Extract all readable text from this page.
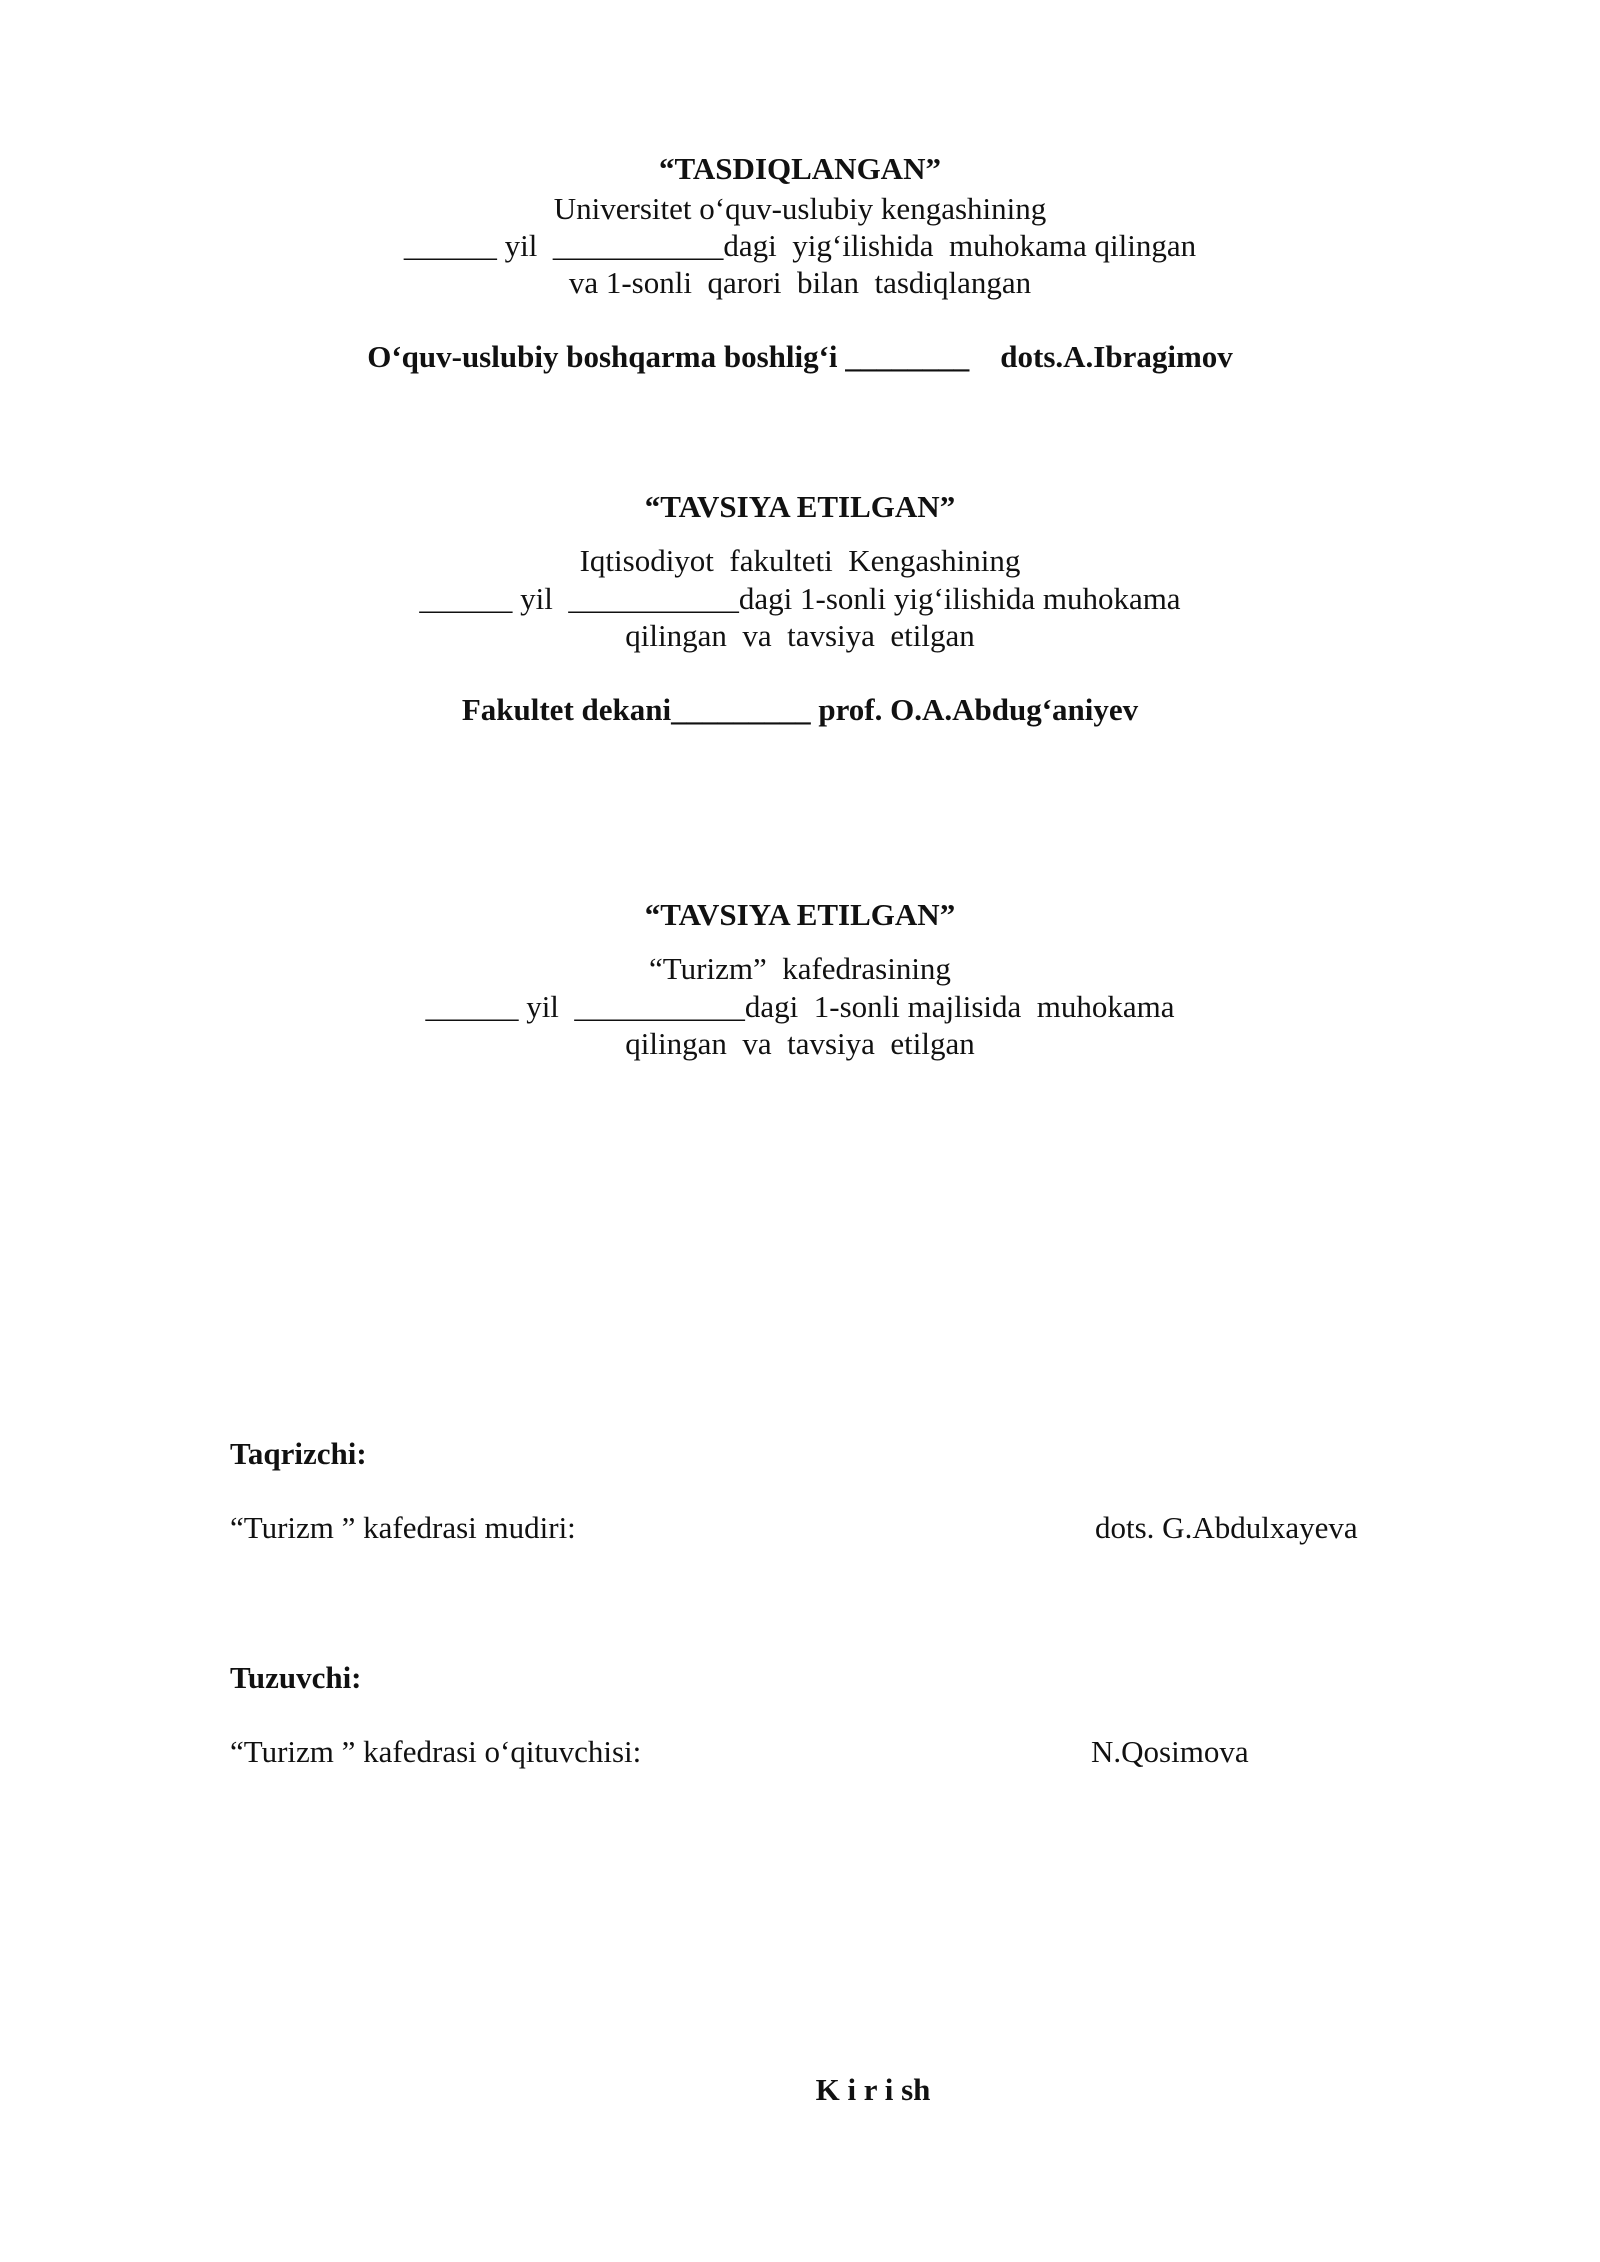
“TASDIQLANGAN”
Universitet o‘quv-uslubiy kengashining
______ yil  ___________dagi  yig‘ilishida  muhokama qilingan
va 1-sonli  qarori  bilan  tasdiqlangan
O‘quv-uslubiy boshqarma boshlig‘i ________    dots.A.Ibragimov
“TAVSIYA ETILGAN”
Iqtisodiyot  fakulteti  Kengashining
______ yil  ___________dagi 1-sonli yig‘ilishida muhokama
qilingan  va  tavsiya  etilgan
Fakultet dekani_________ prof. O.A.Abdug‘aniyev
“TAVSIYA ETILGAN”
“Turizm”  kafedrasining
______ yil  ___________dagi  1-sonli majlisida  muhokama
qilingan  va  tavsiya  etilgan
Taqrizchi:
“Turizm ” kafedrasi mudiri:	dots. G.Abdulxayeva
Tuzuvchi:
“Turizm ” kafedrasi o‘qituvchisi:	N.Qosimova
K i r i sh
